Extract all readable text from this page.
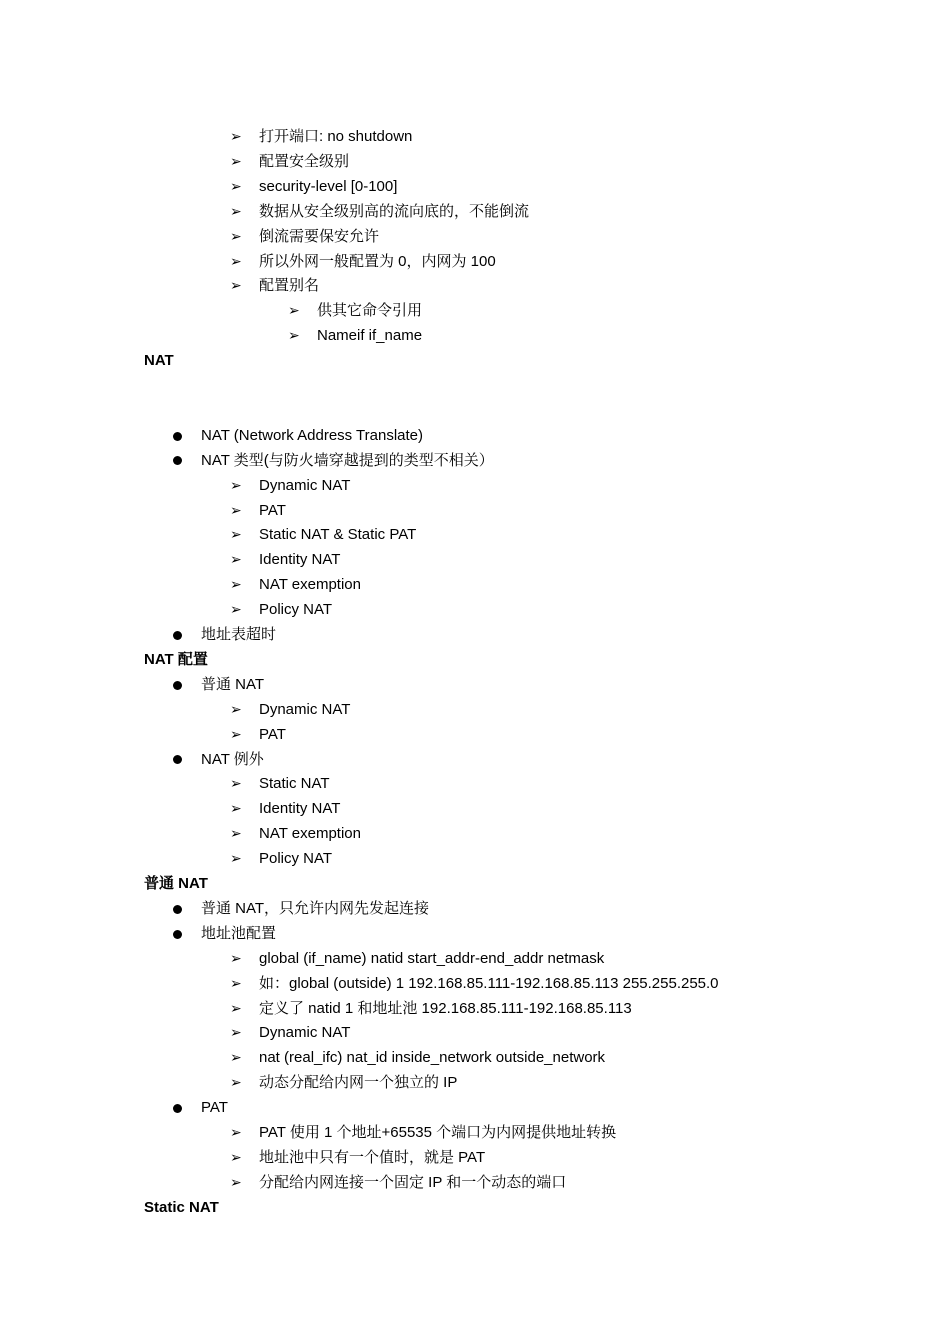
➢	打开端口: no shutdown
➢	配置安全级别
➢	security-level [0-100]
➢	数据从安全级别高的流向底的，不能倒流
➢	倒流需要保安允许
➢	所以外网一般配置为 0，内网为 100
➢	配置别名
➢	供其它命令引用
➢	Nameif if_name
NAT
NAT (Network Address Translate)
NAT 类型(与防火墙穿越提到的类型不相关）
➢	Dynamic NAT
➢	PAT
➢	Static NAT & Static PAT
➢	Identity NAT
➢	NAT exemption
➢	Policy NAT
地址表超时
NAT 配置
普通 NAT
➢	Dynamic NAT
➢	PAT
NAT 例外
➢	Static NAT
➢	Identity NAT
➢	NAT exemption
➢	Policy NAT
普通 NAT
普通 NAT，只允许内网先发起连接
地址池配置
➢	global (if_name) natid start_addr-end_addr netmask
➢	如：global (outside) 1 192.168.85.111-192.168.85.113 255.255.255.0
➢	定义了 natid 1 和地址池 192.168.85.111-192.168.85.113
➢	Dynamic NAT
➢	nat (real_ifc) nat_id inside_network outside_network
➢	动态分配给内网一个独立的 IP
PAT
➢	PAT 使用 1 个地址+65535 个端口为内网提供地址转换
➢	地址池中只有一个值时，就是 PAT
➢	分配给内网连接一个固定 IP 和一个动态的端口
Static NAT
